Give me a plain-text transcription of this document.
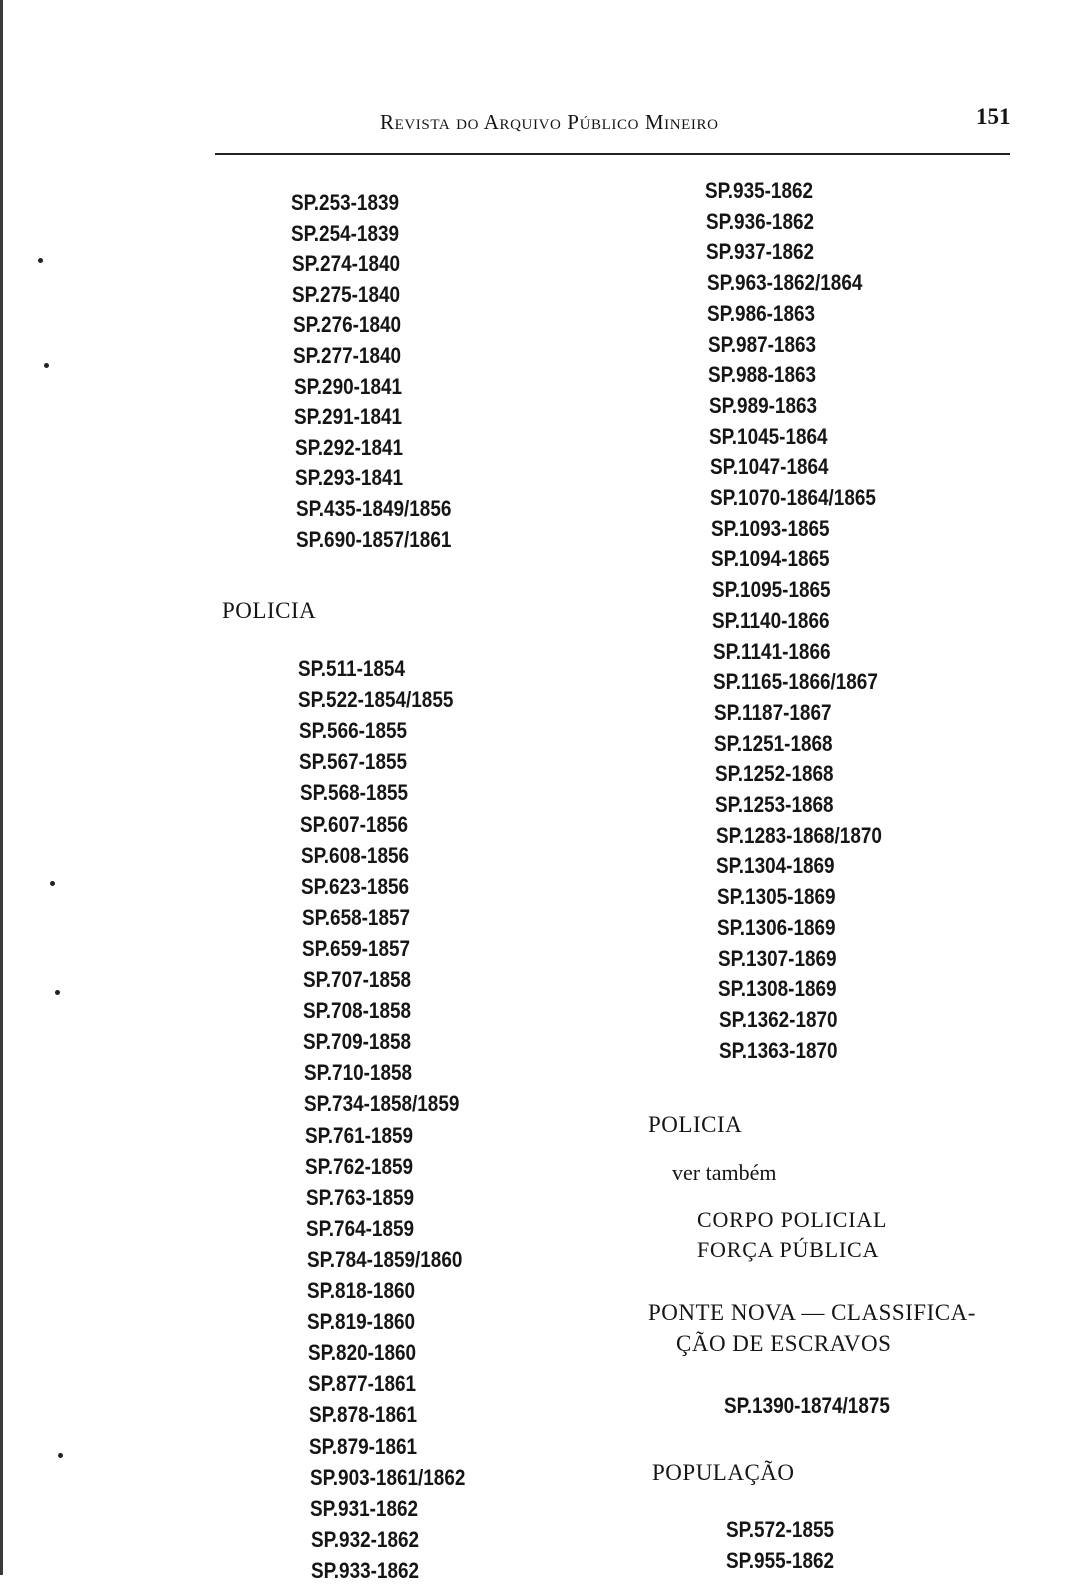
Revista do Arquivo Público Mineiro	151
SP.253-1839
SP.254-1839
SP.274-1840
SP.275-1840
SP.276-1840
SP.277-1840
SP.290-1841
SP.291-1841
SP.292-1841
SP.293-1841
SP.435-1849/1856
SP.690-1857/1861
POLICIA
SP.511-1854
SP.522-1854/1855
SP.566-1855
SP.567-1855
SP.568-1855
SP.607-1856
SP.608-1856
SP.623-1856
SP.658-1857
SP.659-1857
SP.707-1858
SP.708-1858
SP.709-1858
SP.710-1858
SP.734-1858/1859
SP.761-1859
SP.762-1859
SP.763-1859
SP.764-1859
SP.784-1859/1860
SP.818-1860
SP.819-1860
SP.820-1860
SP.877-1861
SP.878-1861
SP.879-1861
SP.903-1861/1862
SP.931-1862
SP.932-1862
SP.933-1862
SP.935-1862
SP.936-1862
SP.937-1862
SP.963-1862/1864
SP.986-1863
SP.987-1863
SP.988-1863
SP.989-1863
SP.1045-1864
SP.1047-1864
SP.1070-1864/1865
SP.1093-1865
SP.1094-1865
SP.1095-1865
SP.1140-1866
SP.1141-1866
SP.1165-1866/1867
SP.1187-1867
SP.1251-1868
SP.1252-1868
SP.1253-1868
SP.1283-1868/1870
SP.1304-1869
SP.1305-1869
SP.1306-1869
SP.1307-1869
SP.1308-1869
SP.1362-1870
SP.1363-1870
POLICIA
ver também
CORPO POLICIAL
FORÇA PÚBLICA
PONTE NOVA — CLASSIFICA-
ÇÃO DE ESCRAVOS
SP.1390-1874/1875
POPULAÇÃO
SP.572-1855
SP.955-1862
